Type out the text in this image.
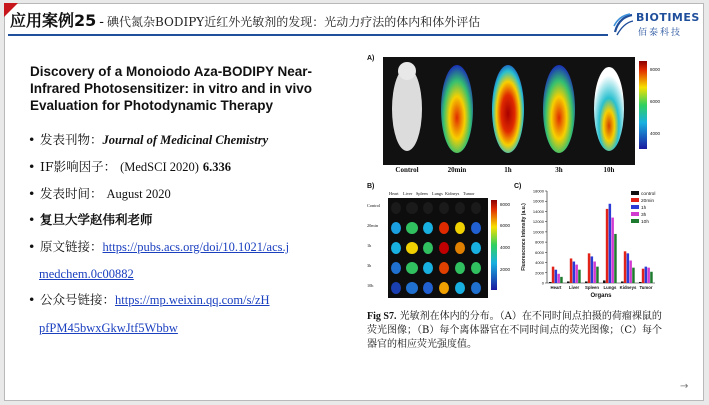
应用案例25 - 碘代氮杂BODIPY近红外光敏剂的发现：光动力疗法的体内和体外评估	BIOTIMES
佰泰科技
Discovery of a Monoiodo Aza-BODIPY Near-Infrared Photosensitizer: in vitro and in vivo Evaluation for Photodynamic Therapy
• 发表刊物：Journal of Medicinal Chemistry
• IF影响因子： (MedSCI 2020) 6.336
• 发表时间： August 2020
• 复旦大学赵伟利老师
• 原文链接：https://pubs.acs.org/doi/10.1021/acs.j
medchem.0c00882
• 公众号链接：https://mp.weixin.qq.com/s/zH
pfPM45bwxGkwJtf5Wbbw
A)
8000
6000
4000
Control	20min	1h	3h	10h
B)
Heart Liver Spleen Lungs Kidneys Tumor
Control
20min
1h
3h
10h
8000
6000
4000
2000
C)
0
2000
4000
6000
8000
10000
12000
14000
16000
18000
Heart Liver Spleen Lungs Kidneys Tumor
Organs
Fluorescence Intensity (a.u.)
control
20min
1h
3h
10h
Fig S7. 光敏剂在体内的分布。（A）在不同时间点拍摄的荷瘤裸鼠的荧光图像；（B）每个离体器官在不同时间点的荧光图像；（C）每个器官的相应荧光强度值。
→
